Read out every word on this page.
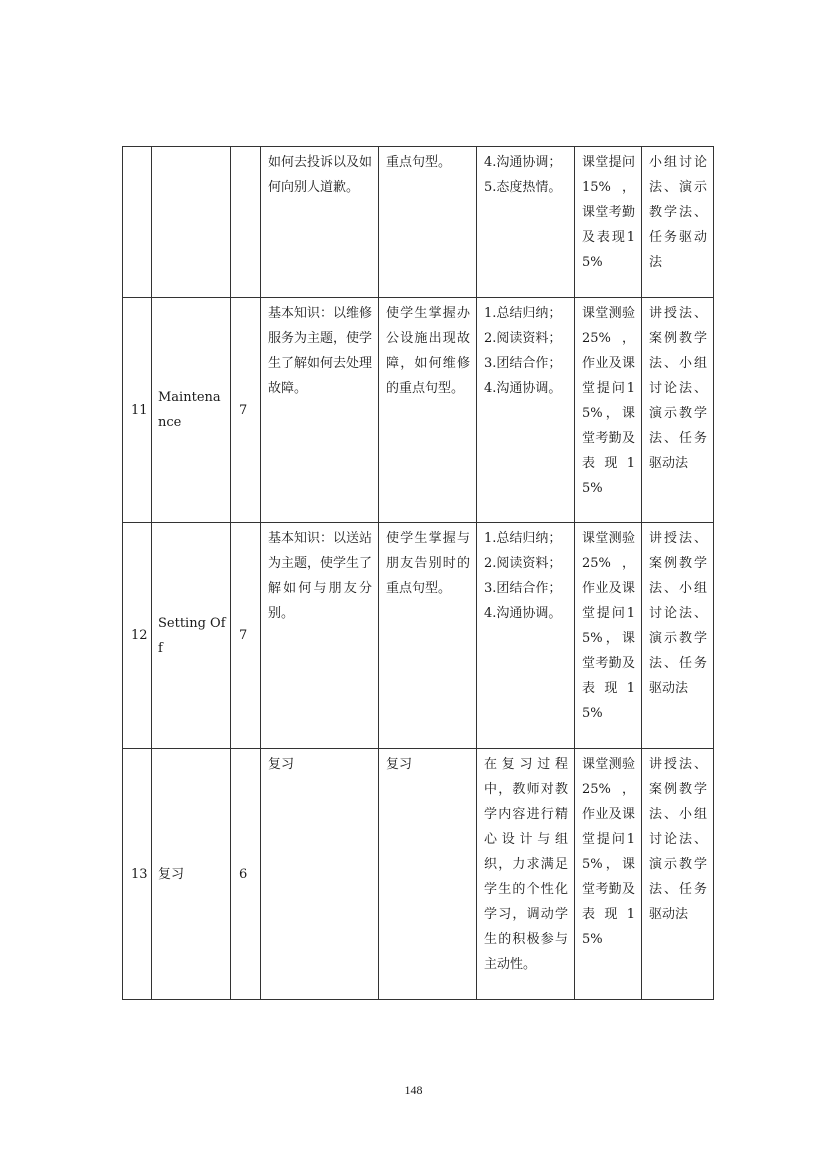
			如何去投诉以及如何向别人道歉。	重点句型。	4.沟通协调；
5.态度热情。	课堂提问15%，课堂考勤及表现15%	小组讨论法、演示教学法、任务驱动法
11	Maintenance	7	基本知识：以维修服务为主题，使学生了解如何去处理故障。	使学生掌握办公设施出现故障，如何维修的重点句型。	1.总结归纳；
2.阅读资料；
3.团结合作；
4.沟通协调。	课堂测验25%，作业及课堂提问15%，课堂考勤及表现15%	讲授法、案例教学法、小组讨论法、演示教学法、任务驱动法
12	Setting Off	7	基本知识：以送站为主题，使学生了解如何与朋友分别。	使学生掌握与朋友告别时的重点句型。	1.总结归纳；
2.阅读资料；
3.团结合作；
4.沟通协调。	课堂测验25%，作业及课堂提问15%，课堂考勤及表现15%	讲授法、案例教学法、小组讨论法、演示教学法、任务驱动法
13	复习	6	复习	复习	在复习过程中，教师对教学内容进行精心设计与组织，力求满足学生的个性化学习，调动学生的积极参与主动性。	课堂测验25%，作业及课堂提问15%，课堂考勤及表现15%	讲授法、案例教学法、小组讨论法、演示教学法、任务驱动法
148
